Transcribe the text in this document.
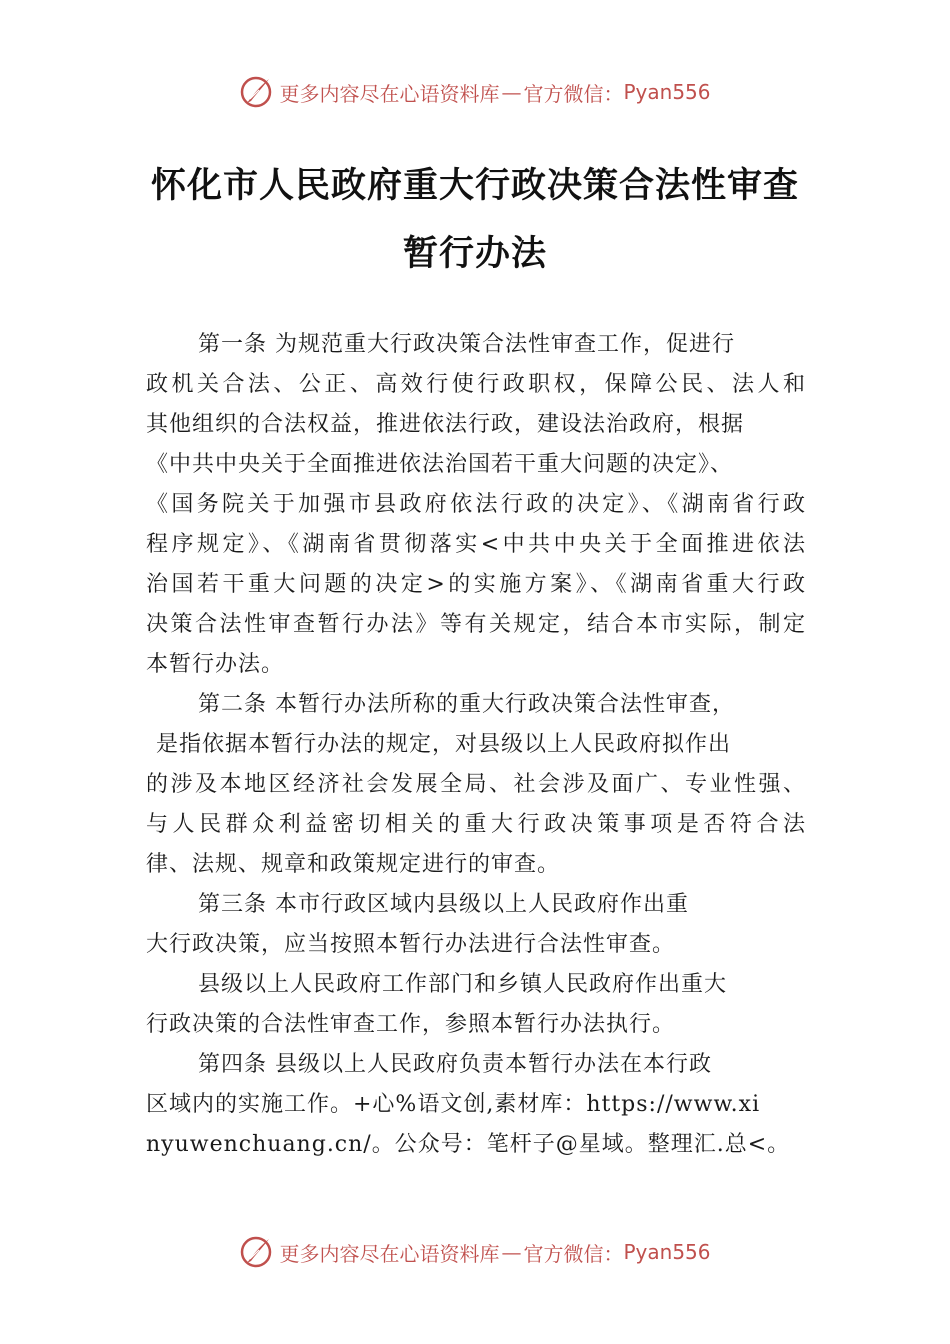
更多内容尽在心语资料库 — 官方微信： Pyan556
怀化市人民政府重大行政决策合法性审查
暂行办法
第一条 为规范重大行政决策合法性审查工作，促进行
政机关合法、公正、高效行使行政职权，保障公民、法人和
其他组织的合法权益，推进依法行政，建设法治政府，根据
《中共中央关于全面推进依法治国若干重大问题的决定》、
《国务院关于加强市县政府依法行政的决定》、《湖南省行政
程序规定》、《湖南省贯彻落实<中共中央关于全面推进依法
治国若干重大问题的决定>的实施方案》、《湖南省重大行政
决策合法性审查暂行办法》等有关规定，结合本市实际，制定
本暂行办法。
第二条 本暂行办法所称的重大行政决策合法性审查，
是指依据本暂行办法的规定，对县级以上人民政府拟作出
的涉及本地区经济社会发展全局、社会涉及面广、专业性强、
与人民群众利益密切相关的重大行政决策事项是否符合法
律、法规、规章和政策规定进行的审查。
第三条 本市行政区域内县级以上人民政府作出重
大行政决策，应当按照本暂行办法进行合法性审查。
县级以上人民政府工作部门和乡镇人民政府作出重大
行政决策的合法性审查工作，参照本暂行办法执行。
第四条 县级以上人民政府负责本暂行办法在本行政
区域内的实施工作。+心%语文创,素材库：https://www.xi
nyuwenchuang.cn/。公众号：笔杆子@星域。整理汇.总<。
更多内容尽在心语资料库 — 官方微信： Pyan556
